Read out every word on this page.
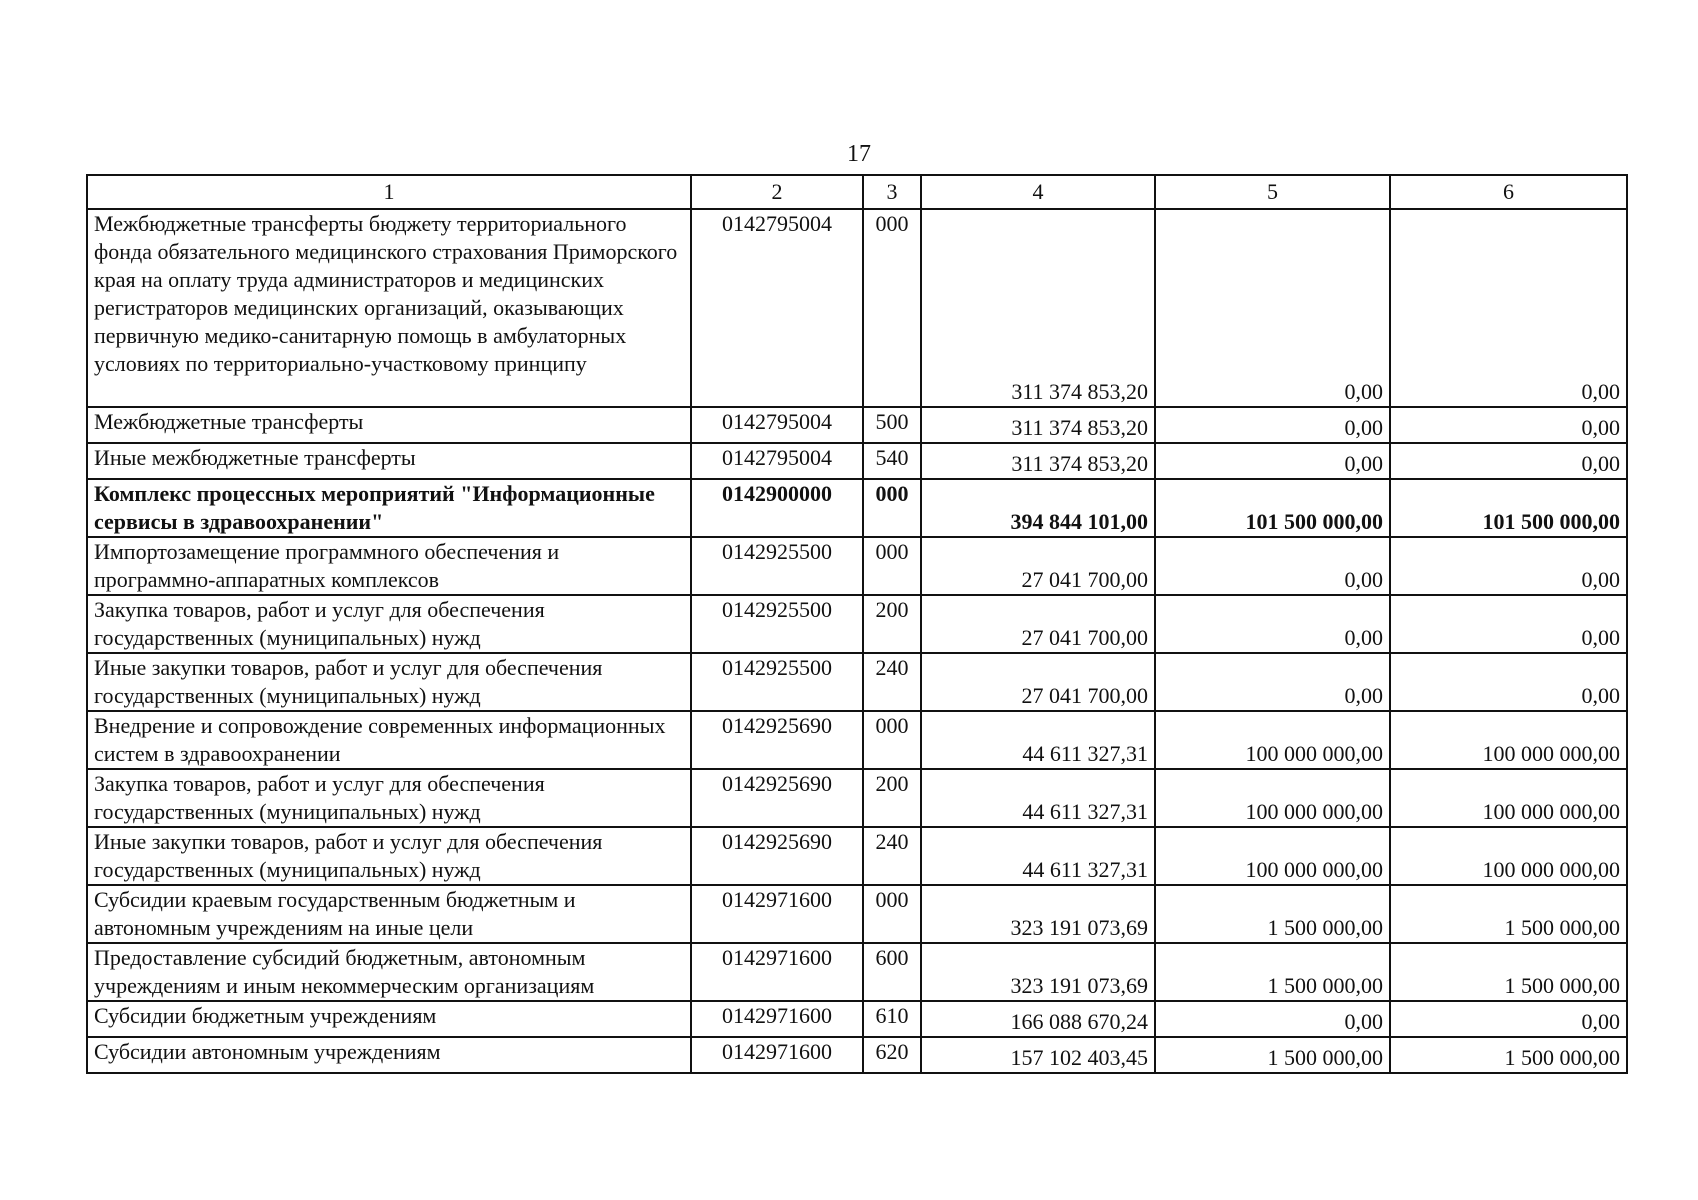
17
1	2	3	4	5	6
Межбюджетные трансферты бюджету территориального фонда обязательного медицинского страхования Приморского края на оплату труда администраторов и медицинских регистраторов медицинских организаций, оказывающих первичную медико-санитарную помощь в амбулаторных условиях по территориально-участковому принципу	0142795004	000	311 374 853,20	0,00	0,00
Межбюджетные трансферты	0142795004	500	311 374 853,20	0,00	0,00
Иные межбюджетные трансферты	0142795004	540	311 374 853,20	0,00	0,00
Комплекс процессных мероприятий "Информационные сервисы в здравоохранении"	0142900000	000	394 844 101,00	101 500 000,00	101 500 000,00
Импортозамещение программного обеспечения и программно-аппаратных комплексов	0142925500	000	27 041 700,00	0,00	0,00
Закупка товаров, работ и услуг для обеспечения государственных (муниципальных) нужд	0142925500	200	27 041 700,00	0,00	0,00
Иные закупки товаров, работ и услуг для обеспечения государственных (муниципальных) нужд	0142925500	240	27 041 700,00	0,00	0,00
Внедрение и сопровождение современных информационных систем в здравоохранении	0142925690	000	44 611 327,31	100 000 000,00	100 000 000,00
Закупка товаров, работ и услуг для обеспечения государственных (муниципальных) нужд	0142925690	200	44 611 327,31	100 000 000,00	100 000 000,00
Иные закупки товаров, работ и услуг для обеспечения государственных (муниципальных) нужд	0142925690	240	44 611 327,31	100 000 000,00	100 000 000,00
Субсидии краевым государственным бюджетным и автономным учреждениям на иные цели	0142971600	000	323 191 073,69	1 500 000,00	1 500 000,00
Предоставление субсидий бюджетным, автономным учреждениям и иным некоммерческим организациям	0142971600	600	323 191 073,69	1 500 000,00	1 500 000,00
Субсидии бюджетным учреждениям	0142971600	610	166 088 670,24	0,00	0,00
Субсидии автономным учреждениям	0142971600	620	157 102 403,45	1 500 000,00	1 500 000,00
